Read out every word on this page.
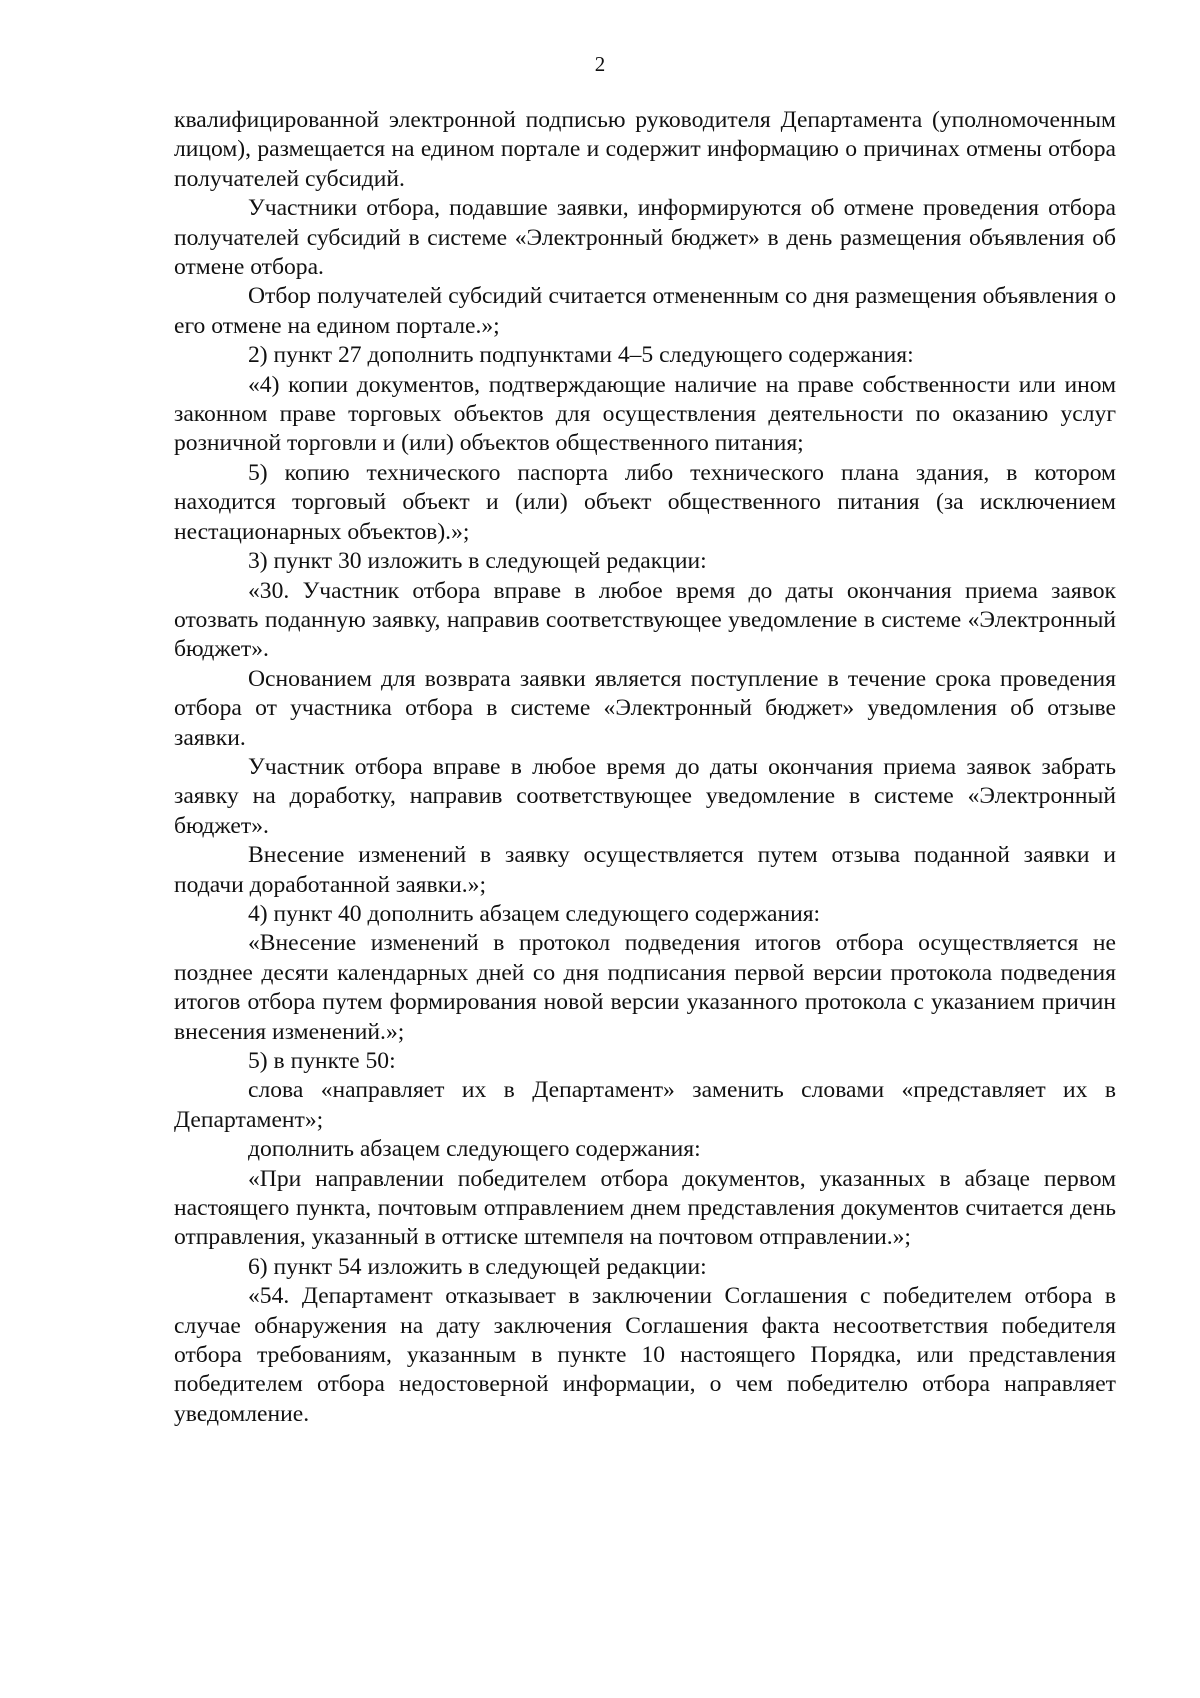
2

квалифицированной электронной подписью руководителя Департамента (уполномоченным лицом), размещается на едином портале и содержит информацию о причинах отмены отбора получателей субсидий.

Участники отбора, подавшие заявки, информируются об отмене проведения отбора получателей субсидий в системе «Электронный бюджет» в день размещения объявления об отмене отбора.

Отбор получателей субсидий считается отмененным со дня размещения объявления о его отмене на едином портале.»;

2) пункт 27 дополнить подпунктами 4–5 следующего содержания:

«4) копии документов, подтверждающие наличие на праве собственности или ином законном праве торговых объектов для осуществления деятельности по оказанию услуг розничной торговли и (или) объектов общественного питания;

5) копию технического паспорта либо технического плана здания, в котором находится торговый объект и (или) объект общественного питания (за исключением нестационарных объектов).»;

3) пункт 30 изложить в следующей редакции:

«30. Участник отбора вправе в любое время до даты окончания приема заявок отозвать поданную заявку, направив соответствующее уведомление в системе «Электронный бюджет».

Основанием для возврата заявки является поступление в течение срока проведения отбора от участника отбора в системе «Электронный бюджет» уведомления об отзыве заявки.

Участник отбора вправе в любое время до даты окончания приема заявок забрать заявку на доработку, направив соответствующее уведомление в системе «Электронный бюджет».

Внесение изменений в заявку осуществляется путем отзыва поданной заявки и подачи доработанной заявки.»;

4) пункт 40 дополнить абзацем следующего содержания:

«Внесение изменений в протокол подведения итогов отбора осуществляется не позднее десяти календарных дней со дня подписания первой версии протокола подведения итогов отбора путем формирования новой версии указанного протокола с указанием причин внесения изменений.»;

5) в пункте 50:

слова «направляет их в Департамент» заменить словами «представляет их в Департамент»;

дополнить абзацем следующего содержания:

«При направлении победителем отбора документов, указанных в абзаце первом настоящего пункта, почтовым отправлением днем представления документов считается день отправления, указанный в оттиске штемпеля на почтовом отправлении.»;

6) пункт 54 изложить в следующей редакции:

«54. Департамент отказывает в заключении Соглашения с победителем отбора в случае обнаружения на дату заключения Соглашения факта несоответствия победителя отбора требованиям, указанным в пункте 10 настоящего Порядка, или представления победителем отбора недостоверной информации, о чем победителю отбора направляет уведомление.
